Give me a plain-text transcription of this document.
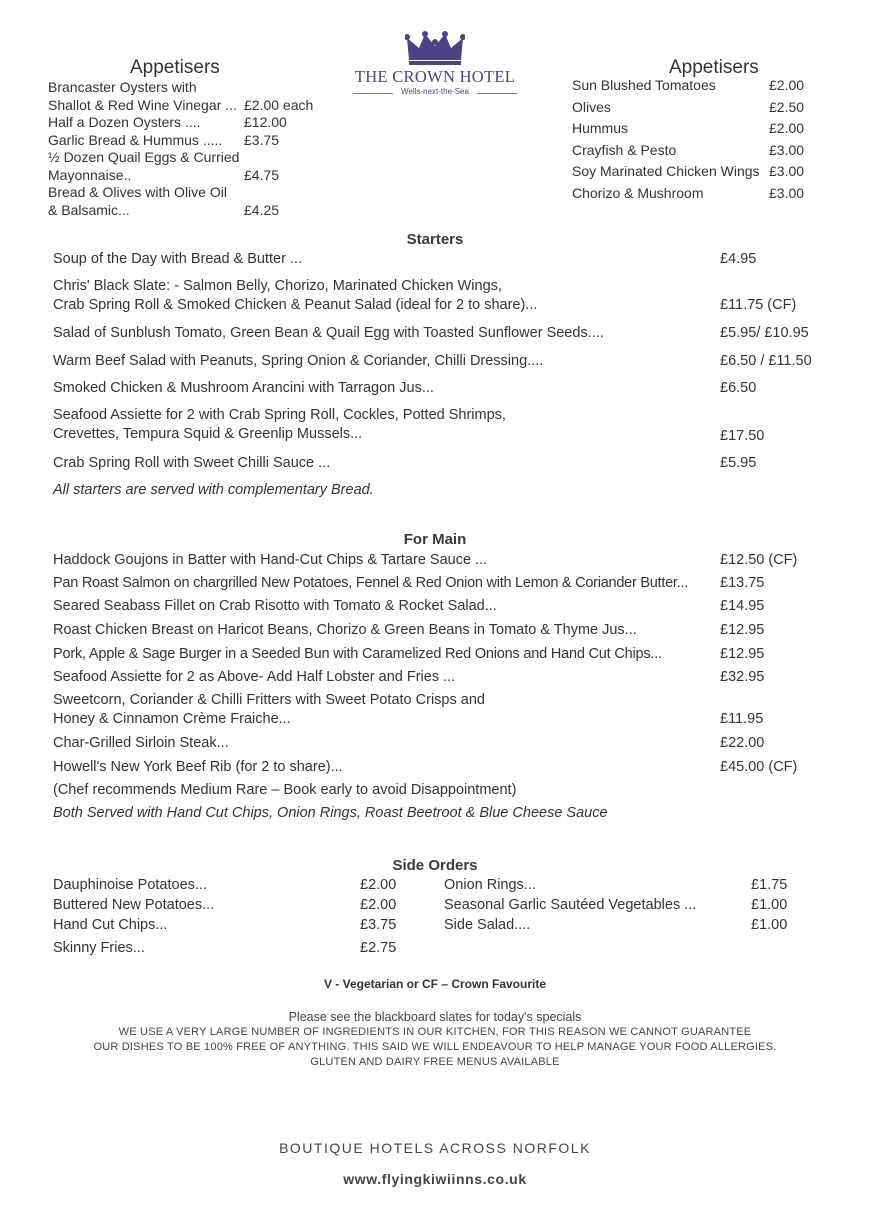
THE CROWN HOTEL
Wells-next-the-Sea
Appetisers
Brancaster Oysters with
Shallot & Red Wine Vinegar ... £2.00 each
Half a Dozen Oysters ....	£12.00
Garlic Bread & Hummus ..... £3.75
½ Dozen Quail Eggs & Curried
Mayonnaise..	£4.75
Bread & Olives with Olive Oil
& Balsamic...	£4.25
Appetisers
Sun Blushed Tomatoes	£2.00
Olives	£2.50
Hummus	£2.00
Crayfish & Pesto	£3.00
Soy Marinated Chicken Wings £3.00
Chorizo & Mushroom	£3.00
Starters
Soup of the Day with Bread & Butter ...	£4.95
Chris' Black Slate: - Salmon Belly, Chorizo, Marinated Chicken Wings,
Crab Spring Roll & Smoked Chicken & Peanut Salad (ideal for 2 to share)...	£11.75 (CF)
Salad of Sunblush Tomato, Green Bean & Quail Egg with Toasted Sunflower Seeds....	£5.95/ £10.95
Warm Beef Salad with Peanuts, Spring Onion & Coriander, Chilli Dressing....	£6.50 / £11.50
Smoked Chicken & Mushroom Arancini with Tarragon Jus...	£6.50
Seafood Assiette for 2 with Crab Spring Roll, Cockles, Potted Shrimps,
Crevettes, Tempura Squid & Greenlip Mussels...	£17.50
Crab Spring Roll with Sweet Chilli Sauce ...	£5.95
All starters are served with complementary Bread.
For Main
Haddock Goujons in Batter with Hand-Cut Chips & Tartare Sauce ...	£12.50 (CF)
Pan Roast Salmon on chargrilled New Potatoes, Fennel & Red Onion with Lemon & Coriander Butter... £13.75
Seared Seabass Fillet on Crab Risotto with Tomato & Rocket Salad...	£14.95
Roast Chicken Breast on Haricot Beans, Chorizo & Green Beans in Tomato & Thyme Jus...	£12.95
Pork, Apple & Sage Burger in a Seeded Bun with Caramelized Red Onions and Hand Cut Chips...	£12.95
Seafood Assiette for 2 as Above- Add Half Lobster and Fries ...	£32.95
Sweetcorn, Coriander & Chilli Fritters with Sweet Potato Crisps and
Honey & Cinnamon Crème Fraiche...	£11.95
Char-Grilled Sirloin Steak...	£22.00
Howell's New York Beef Rib (for 2 to share)...	£45.00 (CF)
(Chef recommends Medium Rare – Book early to avoid Disappointment)
Both Served with Hand Cut Chips, Onion Rings, Roast Beetroot & Blue Cheese Sauce
Side Orders
Dauphinoise Potatoes...	£2.00
Buttered New Potatoes...	£2.00
Hand Cut Chips...	£3.75
Skinny Fries...	£2.75
Onion Rings...	£1.75
Seasonal Garlic Sautéed Vegetables ...	£1.00
Side Salad....	£1.00
V - Vegetarian or CF – Crown Favourite
Please see the blackboard slates for today's specials
WE USE A VERY LARGE NUMBER OF INGREDIENTS IN OUR KITCHEN, FOR THIS REASON WE CANNOT GUARANTEE
OUR DISHES TO BE 100% FREE OF ANYTHING. THIS SAID WE WILL ENDEAVOUR TO HELP MANAGE YOUR FOOD ALLERGIES.
GLUTEN AND DAIRY FREE MENUS AVAILABLE
BOUTIQUE HOTELS ACROSS NORFOLK
www.flyingkiwiinns.co.uk
